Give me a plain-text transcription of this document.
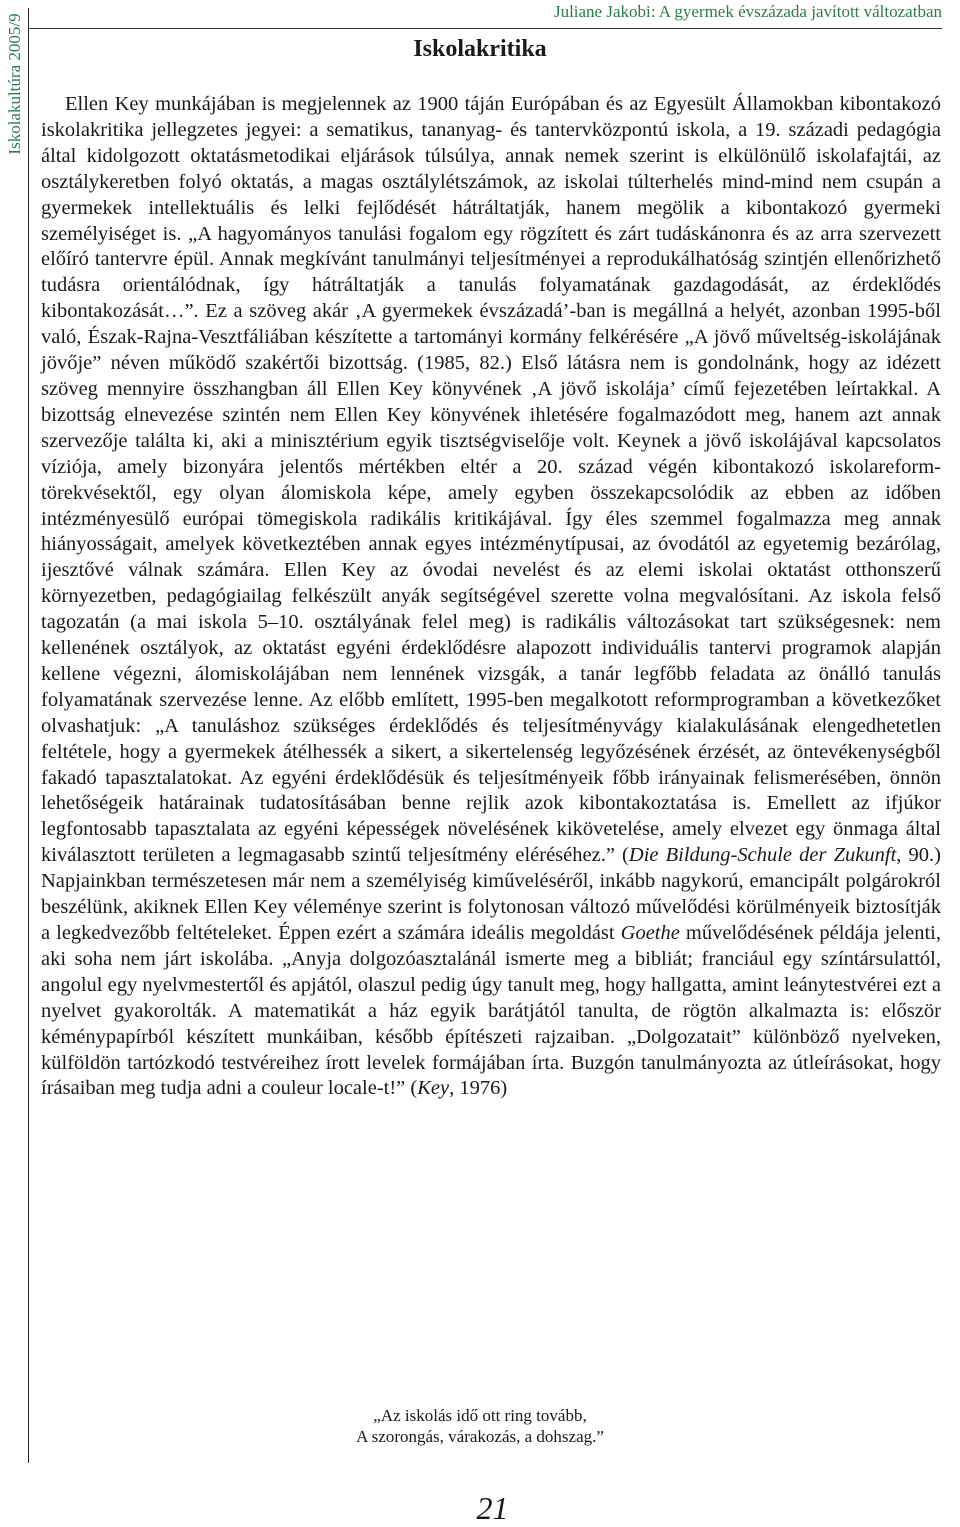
Iskolakultúra 2005/9
Juliane Jakobi: A gyermek évszázada javított változatban
Iskolakritika

Ellen Key munkájában is megjelennek az 1900 táján Európában és az Egyesült Államokban kibontakozó iskolakritika jellegzetes jegyei: a sematikus, tananyag- és tantervközpontú iskola, a 19. századi pedagógia által kidolgozott oktatásmetodikai eljárások túlsúlya, annak nemek szerint is elkülönülő iskolafajtái, az osztálykeretben folyó oktatás, a magas osztálylétszámok, az iskolai túlterhelés mind-mind nem csupán a gyermekek intellektuális és lelki fejlődését hátráltatják, hanem megölik a kibontakozó gyermeki személyiséget is. „A hagyományos tanulási fogalom egy rögzített és zárt tudáskánonra és az arra szervezett előíró tantervre épül. Annak megkívánt tanulmányi teljesítményei a reprodukálhatóság szintjén ellenőrizhető tudásra orientálódnak, így hátráltatják a tanulás folyamatának gazdagodását, az érdeklődés kibontakozását…”. Ez a szöveg akár ‚A gyermekek évszázadá’-ban is megállná a helyét, azonban 1995-ből való, Észak-Rajna-Vesztfáliában készítette a tartományi kormány felkérésére „A jövő műveltség-iskolájának jövője” néven működő szakértői bizottság. (1985, 82.) Első látásra nem is gondolnánk, hogy az idézett szöveg mennyire összhangban áll Ellen Key könyvének ‚A jövő iskolája’ című fejezetében leírtakkal. A bizottság elnevezése szintén nem Ellen Key könyvének ihletésére fogalmazódott meg, hanem azt annak szervezője találta ki, aki a minisztérium egyik tisztségviselője volt. Keynek a jövő iskolájával kapcsolatos víziója, amely bizonyára jelentős mértékben eltér a 20. század végén kibontakozó iskolareform-törekvésektől, egy olyan álomiskola képe, amely egyben összekapcsolódik az ebben az időben intézményesülő európai tömegiskola radikális kritikájával. Így éles szemmel fogalmazza meg annak hiányosságait, amelyek következtében annak egyes intézménytípusai, az óvodától az egyetemig bezárólag, ijesztővé válnak számára. Ellen Key az óvodai nevelést és az elemi iskolai oktatást otthonszerű környezetben, pedagógiailag felkészült anyák segítségével szerette volna megvalósítani. Az iskola felső tagozatán (a mai iskola 5–10. osztályának felel meg) is radikális változásokat tart szükségesnek: nem kellenének osztályok, az oktatást egyéni érdeklődésre alapozott individuális tantervi programok alapján kellene végezni, álomiskolájában nem lennének vizsgák, a tanár legfőbb feladata az önálló tanulás folyamatának szervezése lenne. Az előbb említett, 1995-ben megalkotott reformprogramban a következőket olvashatjuk: „A tanuláshoz szükséges érdeklődés és teljesítményvágy kialakulásának elengedhetetlen feltétele, hogy a gyermekek átélhessék a sikert, a sikertelenség legyőzésének érzését, az öntevékenységből fakadó tapasztalatokat. Az egyéni érdeklődésük és teljesítményeik főbb irányainak felismerésében, önnön lehetőségeik határainak tudatosításában benne rejlik azok kibontakoztatása is. Emellett az ifjúkor legfontosabb tapasztalata az egyéni képességek növelésének kikövetelése, amely elvezet egy önmaga által kiválasztott területen a legmagasabb szintű teljesítmény eléréséhez.” (Die Bildung-Schule der Zukunft, 90.) Napjainkban természetesen már nem a személyiség kiműveléséről, inkább nagykorú, emancipált polgárokról beszélünk, akiknek Ellen Key véleménye szerint is folytonosan változó művelődési körülményeik biztosítják a legkedvezőbb feltételeket. Éppen ezért a számára ideális megoldást Goethe művelődésének példája jelenti, aki soha nem járt iskolába. „Anyja dolgozóasztalánál ismerte meg a bibliát; franciául egy színtársulattól, angolul egy nyelvmestertől és apjától, olaszul pedig úgy tanult meg, hogy hallgatta, amint leánytestvérei ezt a nyelvet gyakorolták. A matematikát a ház egyik barátjától tanulta, de rögtön alkalmazta is: először kéménypapírból készített munkáiban, később építészeti rajzaiban. „Dolgozatait” különböző nyelveken, külföldön tartózkodó testvéreihez írott levelek formájában írta. Buzgón tanulmányozta az útleírásokat, hogy írásaiban meg tudja adni a couleur locale-t!” (Key, 1976)

„Az iskolás idő ott ring tovább,
A szorongás, várakozás, a dohszag.”
21
